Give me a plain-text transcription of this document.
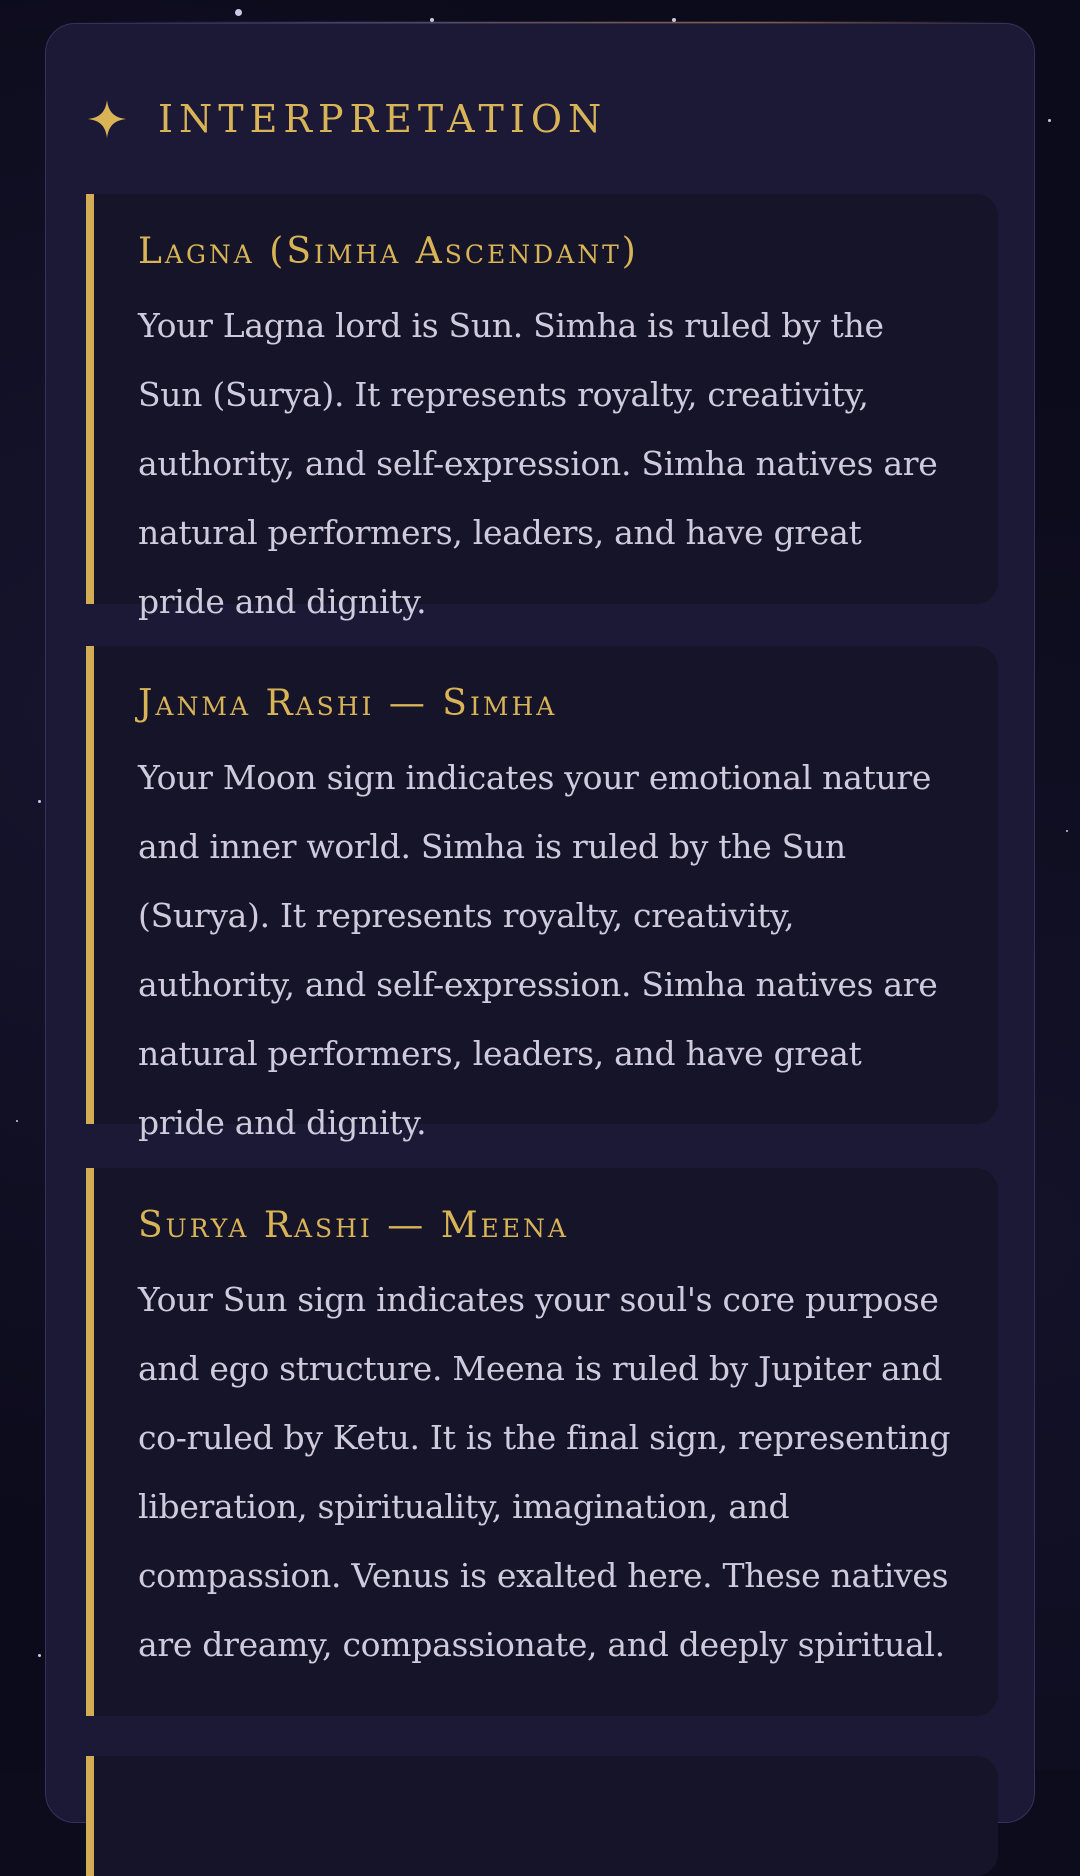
INTERPRETATION
Lagna (Simha Ascendant)

Your Lagna lord is Sun. Simha is ruled by the Sun (Surya). It represents royalty, creativity, authority, and self-expression. Simha natives are natural performers, leaders, and have great pride and dignity.

Janma Rashi — Simha

Your Moon sign indicates your emotional nature and inner world. Simha is ruled by the Sun (Surya). It represents royalty, creativity, authority, and self-expression. Simha natives are natural performers, leaders, and have great pride and dignity.

Surya Rashi — Meena

Your Sun sign indicates your soul's core purpose and ego structure. Meena is ruled by Jupiter and co-ruled by Ketu. It is the final sign, representing liberation, spirituality, imagination, and compassion. Venus is exalted here. These natives are dreamy, compassionate, and deeply spiritual.
